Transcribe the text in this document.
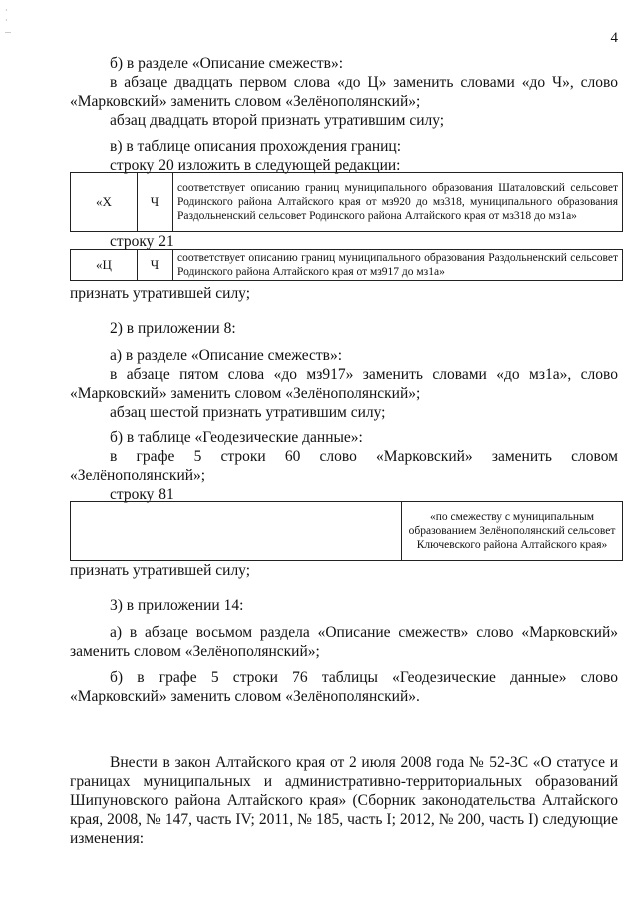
·
·
...	4
б) в разделе «Описание смежеств»:
в абзаце двадцать первом слова «до Ц» заменить словами «до Ч», слово «Марковский» заменить словом «Зелёнополянский»;
абзац двадцать второй признать утратившим силу;
в) в таблице описания прохождения границ:
строку 20 изложить в следующей редакции:
«Х	Ч	соответствует описанию границ муниципального образования Шаталовский сельсовет Родинского района Алтайского края от мз920 до мз318, муниципального образования Раздольненский сельсовет Родинского района Алтайского края от мз318 до мз1а»
строку 21
«Ц	Ч	соответствует описанию границ муниципального образования Раздольненский сельсовет Родинского района Алтайского края от мз917 до мз1а»
признать утратившей силу;
2) в приложении 8:
а) в разделе «Описание смежеств»:
в абзаце пятом слова «до мз917» заменить словами «до мз1а», слово «Марковский» заменить словом «Зелёнополянский»;
абзац шестой признать утратившим силу;
б) в таблице «Геодезические данные»:
в графе 5 строки 60 слово «Марковский» заменить словом «Зелёнополянский»;
строку 81
	«по смежеству с муниципальным образованием Зелёнополянский сельсовет Ключевского района Алтайского края»
признать утратившей силу;
3) в приложении 14:
а) в абзаце восьмом раздела «Описание смежеств» слово «Марковский» заменить словом «Зелёнополянский»;
б) в графе 5 строки 76 таблицы «Геодезические данные» слово «Марковский» заменить словом «Зелёнополянский».
Внести в закон Алтайского края от 2 июля 2008 года № 52-ЗС «О статусе и границах муниципальных и административно-территориальных образований Шипуновского района Алтайского края» (Сборник законодательства Алтайского края, 2008, № 147, часть IV; 2011, № 185, часть I; 2012, № 200, часть I) следующие изменения:
